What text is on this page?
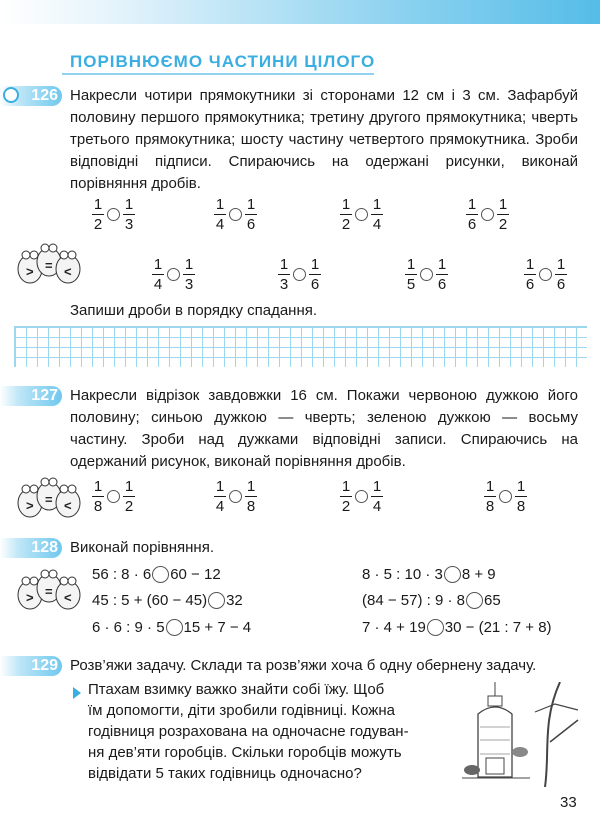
ПОРІВНЮЄМО ЧАСТИНИ ЦІЛОГО
126 Накресли чотири прямокутники зі сторонами 12 см і 3 см. Зафарбуй половину першого прямокутника; третину другого прямокутника; чверть третього прямокутника; шосту частину четвертого прямокутника. Зроби відповідні підписи. Спираючись на одержані рисунки, виконай порівняння дробів.
1
2
1
3
1
4
1
6
1
2
1
4
1
6
1
2
> = <	1
4
1
3
1
3
1
6
1
5
1
6
1
6
1
6
Запиши дроби в порядку спадання.
127 Накресли відрізок завдовжки 16 см. Покажи червоною дужкою його половину; синьою дужкою — чверть; зеленою дужкою — восьму частину. Зроби над дужками відповідні записи. Спираючись на одержаний рисунок, виконай порівняння дробів.
> = <
1
8
1
2
1
4
1
8
1
2
1
4
1
8
1
8
128 Виконай порівняння.
> = <
56 : 8 · 6 60 − 12
45 : 5 + (60 − 45) 32
6 · 6 : 9 · 5 15 + 7 − 4
8 · 5 : 10 · 3 8 + 9
(84 − 57) : 9 · 8 65
7 · 4 + 19 30 − (21 : 7 + 8)
129 Розв’яжи задачу. Склади та розв’яжи хоча б одну обернену задачу.
Птахам взимку важко знайти собі їжу. Щоб
їм допомогти, діти зробили годівниці. Кожна
годівниця розрахована на одночасне годуван-
ня дев’яти горобців. Скільки горобців можуть
відвідати 5 таких годівниць одночасно?
33
